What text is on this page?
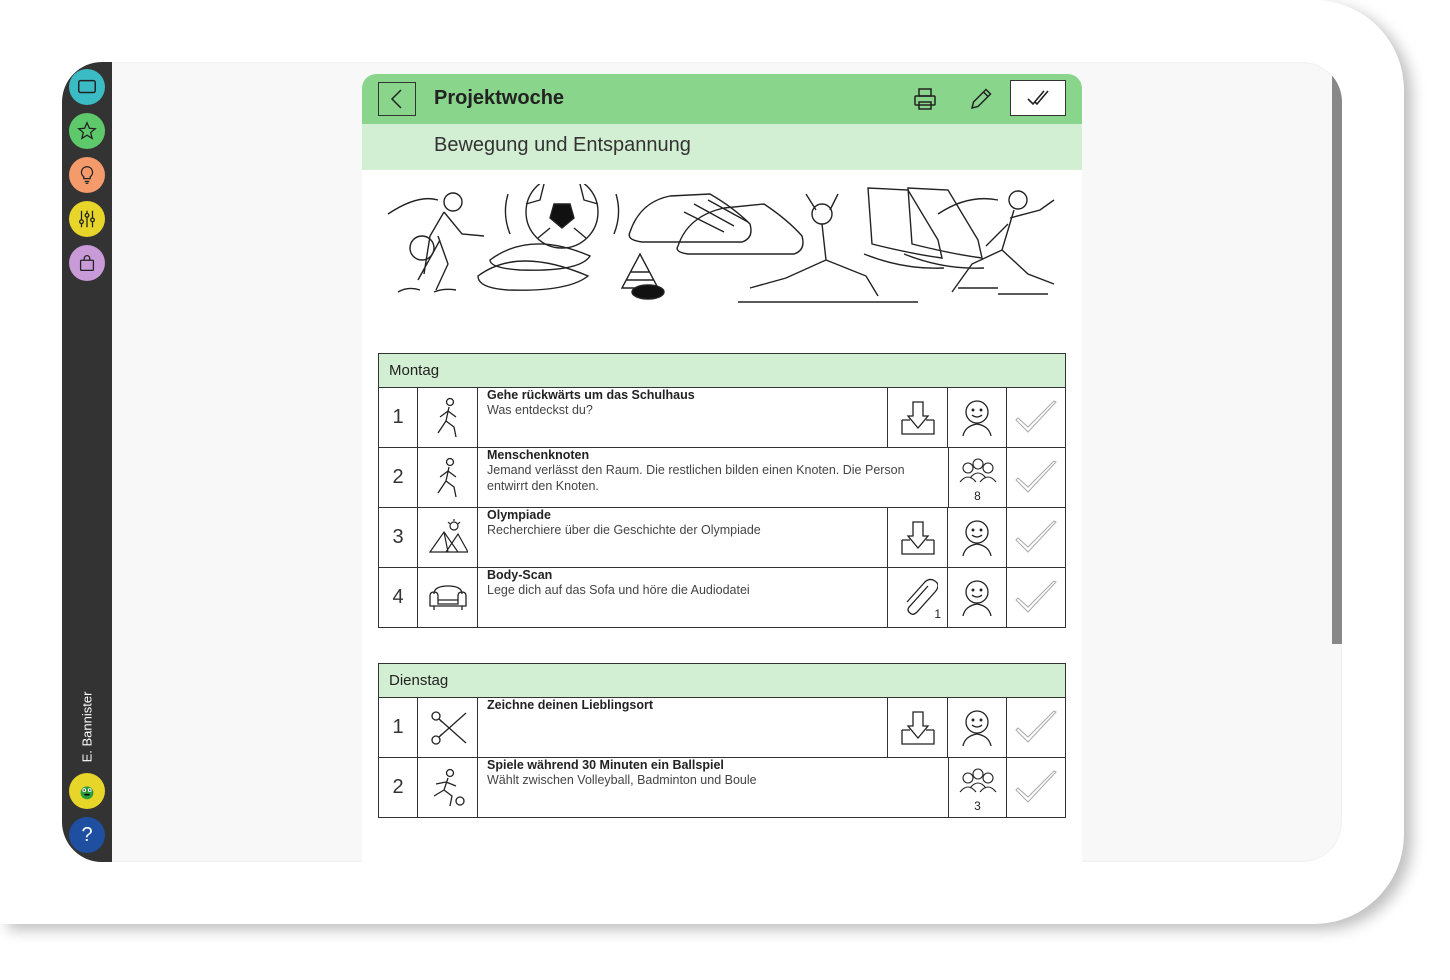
E. Bannister
?
Projektwoche
Bewegung und Entspannung
Montag
1
Gehe rückwärts um das Schulhaus
Was entdeckst du?
2
Menschenknoten
Jemand verlässt den Raum. Die restlichen bilden einen Knoten. Die Person entwirrt den Knoten.
8
3
Olympiade
Recherchiere über die Geschichte der Olympiade
4
Body-Scan
Lege dich auf das Sofa und höre die Audiodatei
1
Dienstag
1
Zeichne deinen Lieblingsort
2
Spiele während 30 Minuten ein Ballspiel
Wählt zwischen Volleyball, Badminton und Boule
3
